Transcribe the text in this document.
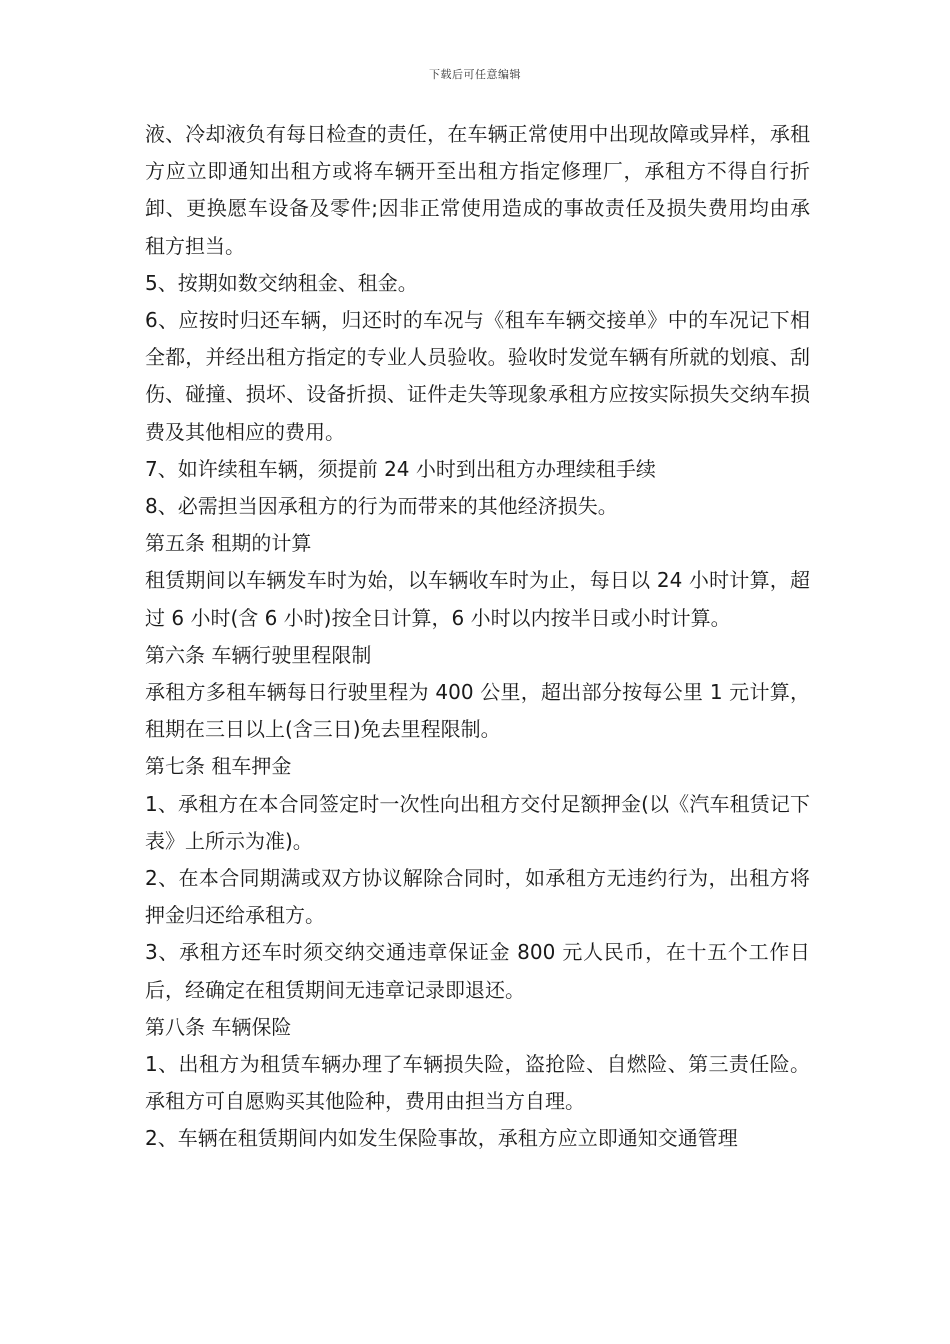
下载后可任意编辑

液、冷却液负有每日检查的责任，在车辆正常使用中出现故障或异样，承租方应立即通知出租方或将车辆开至出租方指定修理厂，承租方不得自行折卸、更换愿车设备及零件;因非正常使用造成的事故责任及损失费用均由承租方担当。

5、按期如数交纳租金、租金。

6、应按时归还车辆，归还时的车况与《租车车辆交接单》中的车况记下相全都，并经出租方指定的专业人员验收。验收时发觉车辆有所就的划痕、刮伤、碰撞、损坏、设备折损、证件走失等现象承租方应按实际损失交纳车损费及其他相应的费用。

7、如许续租车辆，须提前 24 小时到出租方办理续租手续

8、必需担当因承租方的行为而带来的其他经济损失。

第五条 租期的计算

租赁期间以车辆发车时为始，以车辆收车时为止，每日以 24 小时计算，超过 6 小时(含 6 小时)按全日计算，6 小时以内按半日或小时计算。

第六条 车辆行驶里程限制

承租方多租车辆每日行驶里程为 400 公里，超出部分按每公里 1 元计算，租期在三日以上(含三日)免去里程限制。

第七条 租车押金

1、承租方在本合同签定时一次性向出租方交付足额押金(以《汽车租赁记下表》上所示为准)。

2、在本合同期满或双方协议解除合同时，如承租方无违约行为，出租方将押金归还给承租方。

3、承租方还车时须交纳交通违章保证金 800 元人民币，在十五个工作日后，经确定在租赁期间无违章记录即退还。

第八条 车辆保险

1、出租方为租赁车辆办理了车辆损失险，盗抢险、自燃险、第三责任险。承租方可自愿购买其他险种，费用由担当方自理。

2、车辆在租赁期间内如发生保险事故，承租方应立即通知交通管理
